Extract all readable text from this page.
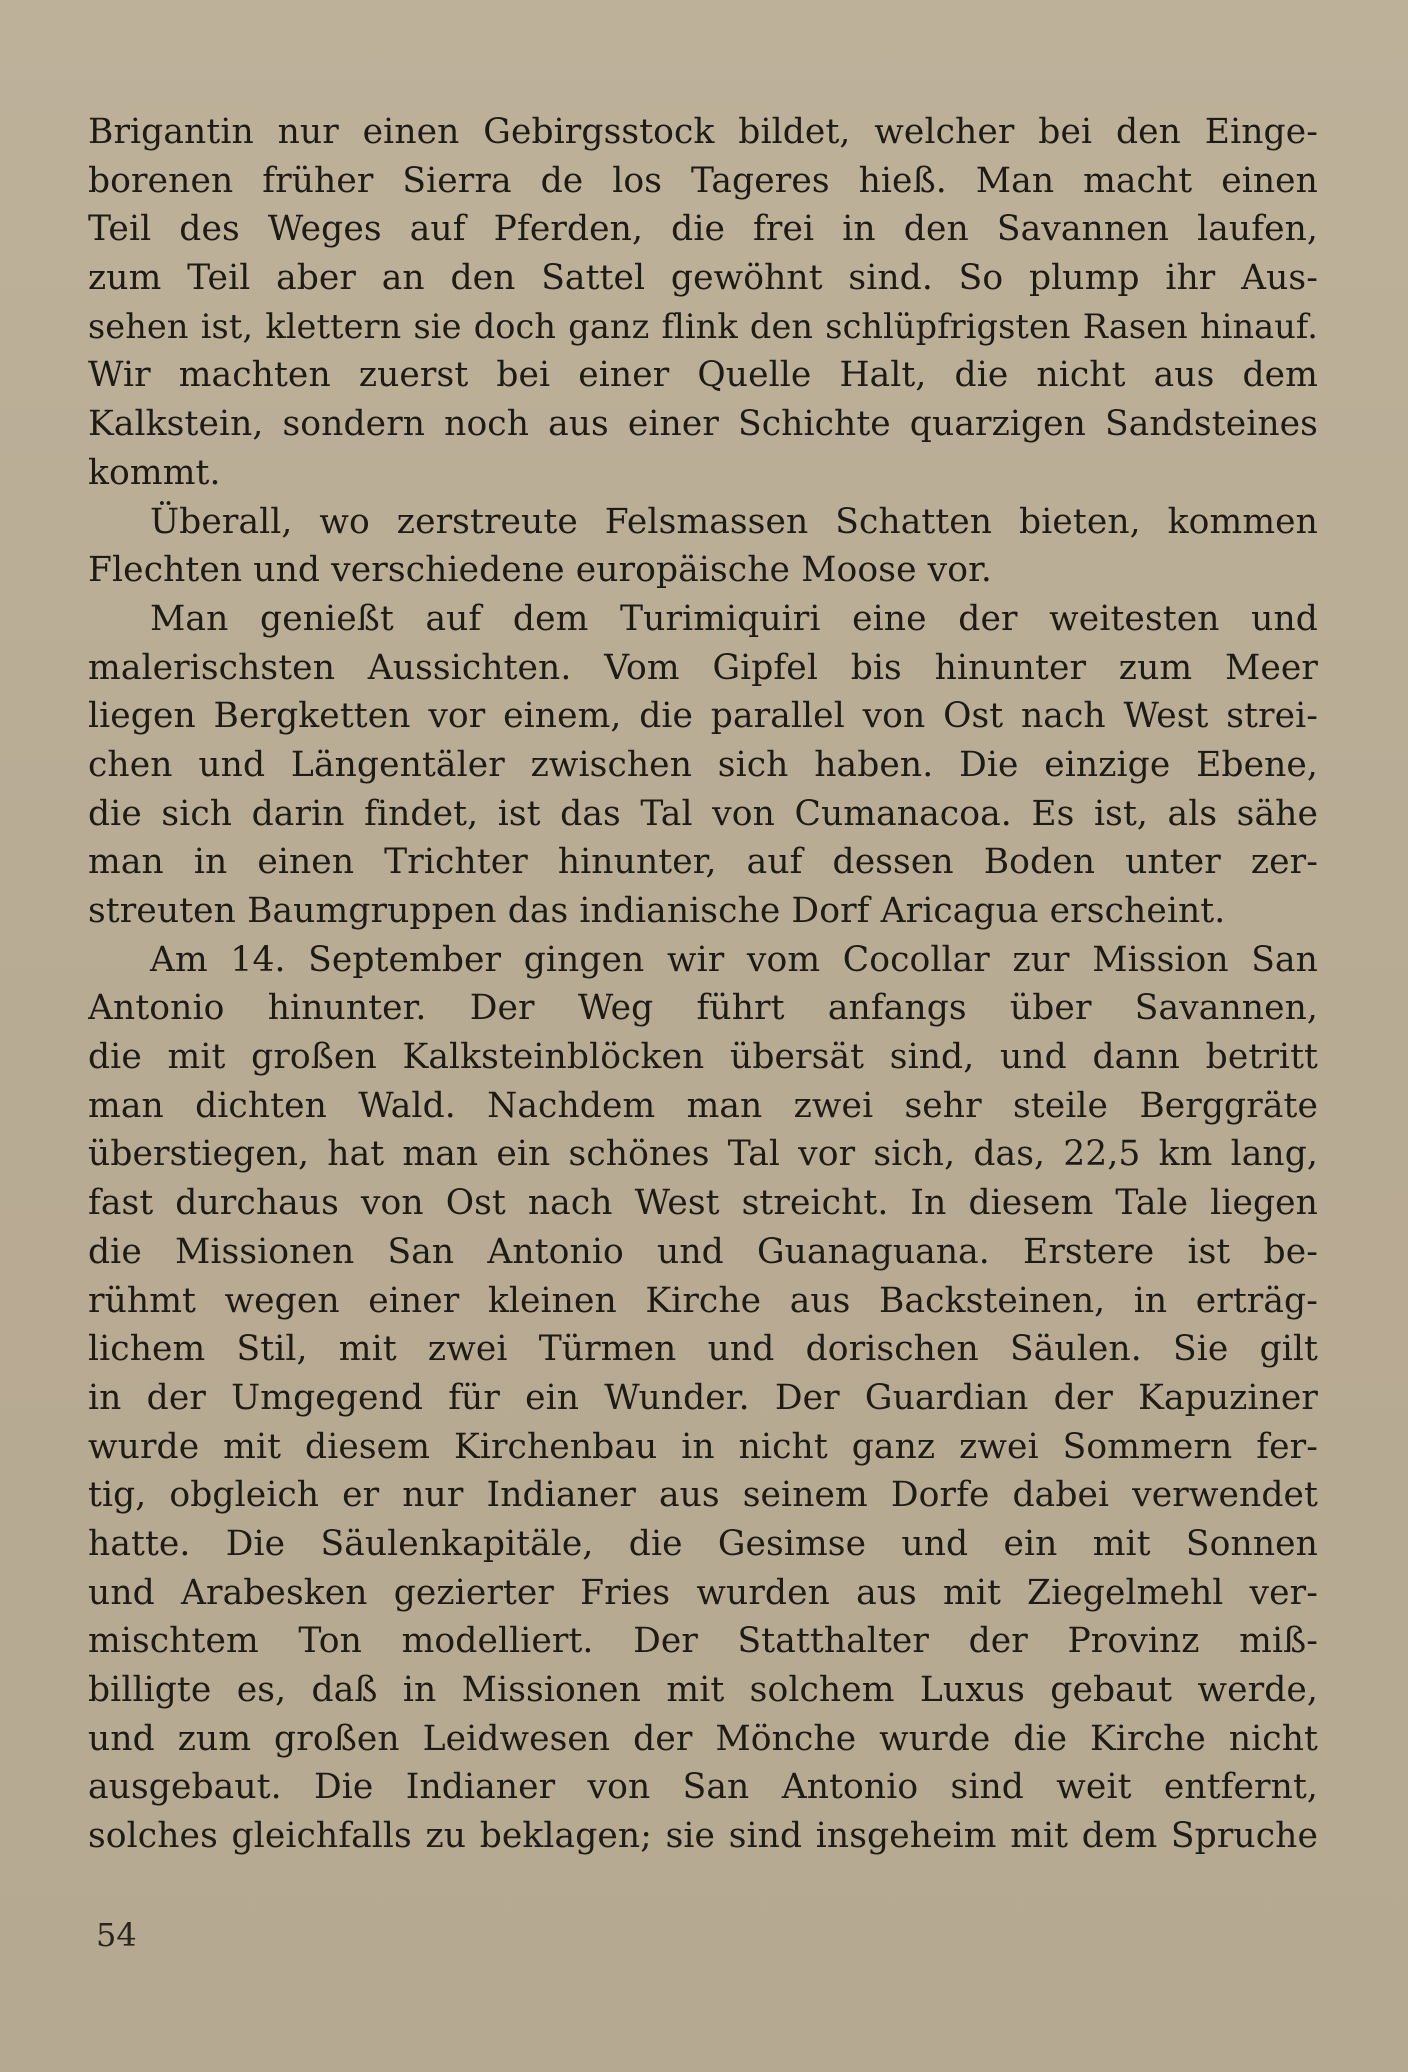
Brigantin nur einen Gebirgsstock bildet, welcher bei den Einge-
borenen früher Sierra de los Tageres hieß. Man macht einen
Teil des Weges auf Pferden, die frei in den Savannen laufen,
zum Teil aber an den Sattel gewöhnt sind. So plump ihr Aus-
sehen ist, klettern sie doch ganz flink den schlüpfrigsten Rasen hinauf.
Wir machten zuerst bei einer Quelle Halt, die nicht aus dem
Kalkstein, sondern noch aus einer Schichte quarzigen Sandsteines
kommt.
Überall, wo zerstreute Felsmassen Schatten bieten, kommen
Flechten und verschiedene europäische Moose vor.
Man genießt auf dem Turimiquiri eine der weitesten und
malerischsten Aussichten. Vom Gipfel bis hinunter zum Meer
liegen Bergketten vor einem, die parallel von Ost nach West strei-
chen und Längentäler zwischen sich haben. Die einzige Ebene,
die sich darin findet, ist das Tal von Cumanacoa. Es ist, als sähe
man in einen Trichter hinunter, auf dessen Boden unter zer-
streuten Baumgruppen das indianische Dorf Aricagua erscheint.
Am 14. September gingen wir vom Cocollar zur Mission San
Antonio hinunter. Der Weg führt anfangs über Savannen,
die mit großen Kalksteinblöcken übersät sind, und dann betritt
man dichten Wald. Nachdem man zwei sehr steile Berggräte
überstiegen, hat man ein schönes Tal vor sich, das, 22,5 km lang,
fast durchaus von Ost nach West streicht. In diesem Tale liegen
die Missionen San Antonio und Guanaguana. Erstere ist be-
rühmt wegen einer kleinen Kirche aus Backsteinen, in erträg-
lichem Stil, mit zwei Türmen und dorischen Säulen. Sie gilt
in der Umgegend für ein Wunder. Der Guardian der Kapuziner
wurde mit diesem Kirchenbau in nicht ganz zwei Sommern fer-
tig, obgleich er nur Indianer aus seinem Dorfe dabei verwendet
hatte. Die Säulenkapitäle, die Gesimse und ein mit Sonnen
und Arabesken gezierter Fries wurden aus mit Ziegelmehl ver-
mischtem Ton modelliert. Der Statthalter der Provinz miß-
billigte es, daß in Missionen mit solchem Luxus gebaut werde,
und zum großen Leidwesen der Mönche wurde die Kirche nicht
ausgebaut. Die Indianer von San Antonio sind weit entfernt,
solches gleichfalls zu beklagen; sie sind insgeheim mit dem Spruche
54
